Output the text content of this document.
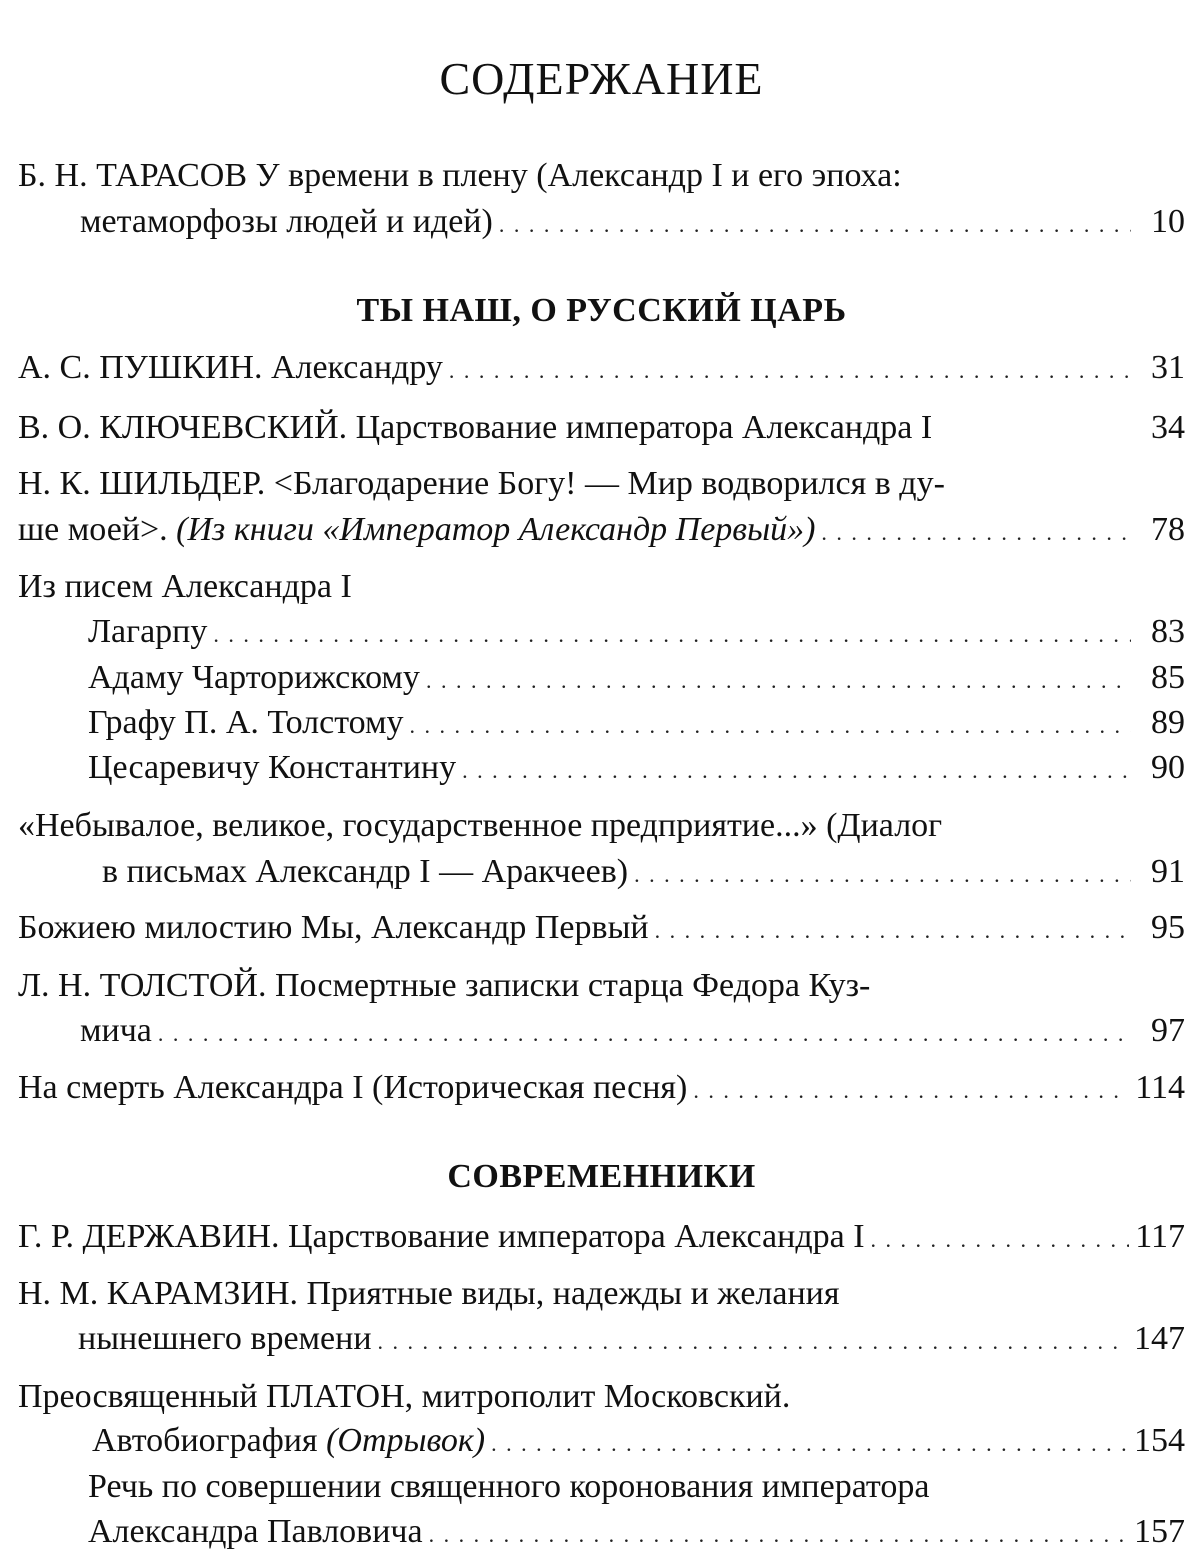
СОДЕРЖАНИЕ
Б. Н. ТАРАСОВ У времени в плену (Александр I и его эпоха:
метаморфозы людей и идей) . . .	10
ТЫ НАШ, О РУССКИЙ ЦАРЬ
А. С. ПУШКИН. Александру . . .	31
В. О. КЛЮЧЕВСКИЙ. Царствование императора Александра I	34
Н. К. ШИЛЬДЕР. <Благодарение Богу! — Мир водворился в ду-
ше моей>. (Из книги «Император Александр Первый») . . .	78
Из писем Александра I
Лагарпу . . .	83
Адаму Чарторижскому . . .	85
Графу П. А. Толстому . . .	89
Цесаревичу Константину . . .	90
«Небывалое, великое, государственное предприятие...» (Диалог
в письмах Александр I — Аракчеев) . . .	91
Божиею милостию Мы, Александр Первый . . .	95
Л. Н. ТОЛСТОЙ. Посмертные записки старца Федора Куз-
мича . . .	97
На смерть Александра I (Историческая песня) . . .	114
СОВРЕМЕННИКИ
Г. Р. ДЕРЖАВИН. Царствование императора Александра I . . .	117
Н. М. КАРАМЗИН. Приятные виды, надежды и желания
нынешнего времени . . .	147
Преосвященный ПЛАТОН, митрополит Московский.
Автобиография (Отрывок) . . .	154
Речь по совершении священного коронования императора
Александра Павловича . . .	157
